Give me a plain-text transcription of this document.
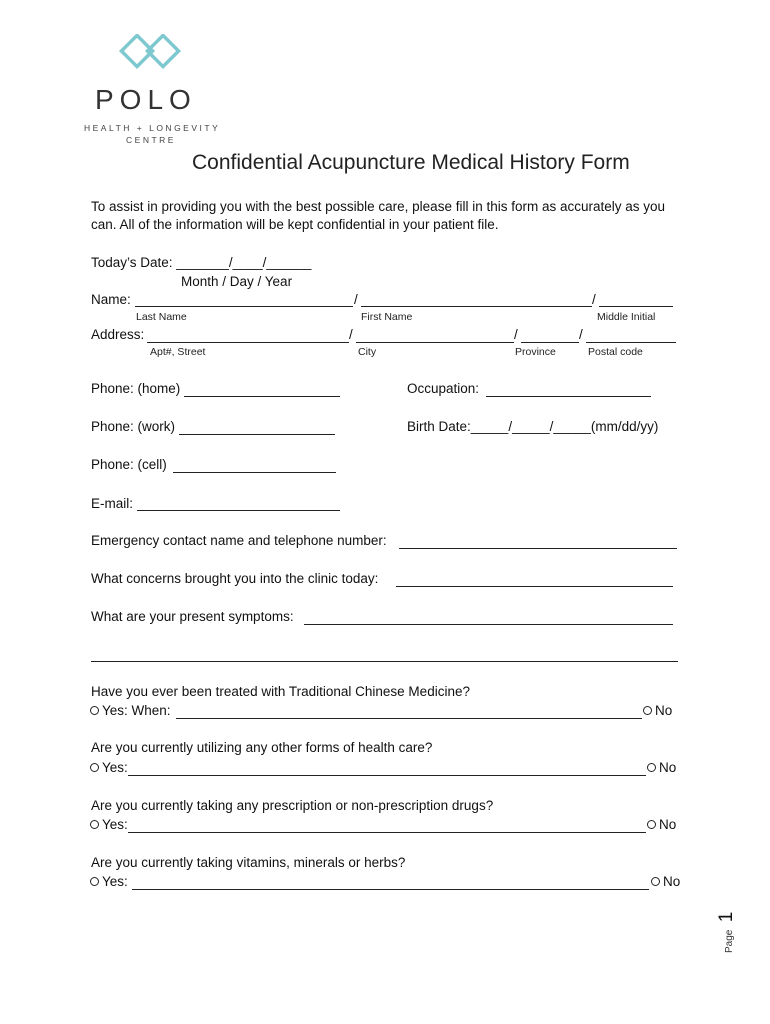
POLO
HEALTH + LONGEVITY
CENTRE
Confidential Acupuncture Medical History Form
To assist in providing you with the best possible care, please fill in this form as accurately as you
can. All of the information will be kept confidential in your patient file.
Today’s Date: _______/____/______
Month / Day / Year
Name:	/	/
Last Name	First Name	Middle Initial
Address:	/	/	/
Apt#, Street	City	Province	Postal code
Phone: (home)	Occupation:
Phone: (work)	Birth Date:_____/_____/_____(mm/dd/yy)
Phone: (cell)
E-mail:
Emergency contact name and telephone number:
What concerns brought you into the clinic today:
What are your present symptoms:
Have you ever been treated with Traditional Chinese Medicine?
Yes: When:	No
Are you currently utilizing any other forms of health care?
Yes:	No
Are you currently taking any prescription or non-prescription drugs?
Yes:	No
Are you currently taking vitamins, minerals or herbs?
Yes:	No
Page 1
